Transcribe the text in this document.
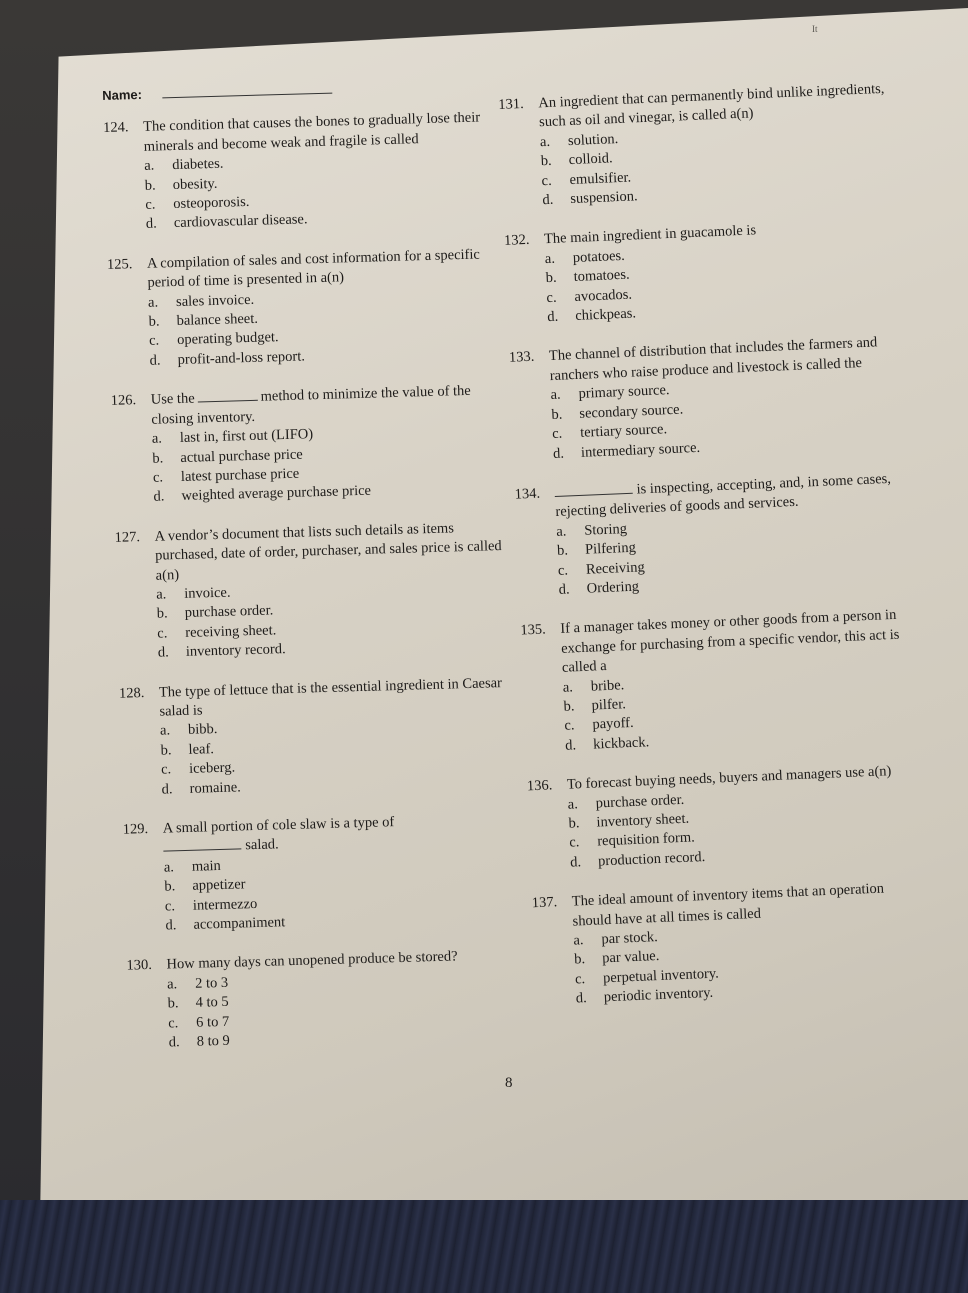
It
Name:
124. The condition that causes the bones to gradually lose their minerals and become weak and fragile is called
a.	diabetes.
b.	obesity.
c.	osteoporosis.
d.	cardiovascular disease.
125. A compilation of sales and cost information for a specific period of time is presented in a(n)
a.	sales invoice.
b.	balance sheet.
c.	operating budget.
d.	profit-and-loss report.
126. Use the	method to minimize the value of the closing inventory.
a.	last in, first out (LIFO)
b.	actual purchase price
c.	latest purchase price
d.	weighted average purchase price
127. A vendor’s document that lists such details as items purchased, date of order, purchaser, and sales price is called a(n)
a.	invoice.
b.	purchase order.
c.	receiving sheet.
d.	inventory record.
128. The type of lettuce that is the essential ingredient in Caesar salad is
a.	bibb.
b.	leaf.
c.	iceberg.
d.	romaine.
129. A small portion of cole slaw is a type of
salad.
a.	main
b.	appetizer
c.	intermezzo
d.	accompaniment
130. How many days can unopened produce be stored?
a.	2 to 3
b.	4 to 5
c.	6 to 7
d.	8 to 9
131. An ingredient that can permanently bind unlike ingredients, such as oil and vinegar, is called a(n)
a.	solution.
b.	colloid.
c.	emulsifier.
d.	suspension.
132. The main ingredient in guacamole is
a.	potatoes.
b.	tomatoes.
c.	avocados.
d.	chickpeas.
133. The channel of distribution that includes the farmers and ranchers who raise produce and livestock is called the
a.	primary source.
b.	secondary source.
c.	tertiary source.
d.	intermediary source.
134.	is inspecting, accepting, and, in some cases, rejecting deliveries of goods and services.
a.	Storing
b.	Pilfering
c.	Receiving
d.	Ordering
135. If a manager takes money or other goods from a person in exchange for purchasing from a specific vendor, this act is called a
a.	bribe.
b.	pilfer.
c.	payoff.
d.	kickback.
136. To forecast buying needs, buyers and managers use a(n)
a.	purchase order.
b.	inventory sheet.
c.	requisition form.
d.	production record.
137. The ideal amount of inventory items that an operation should have at all times is called
a.	par stock.
b.	par value.
c.	perpetual inventory.
d.	periodic inventory.
8
